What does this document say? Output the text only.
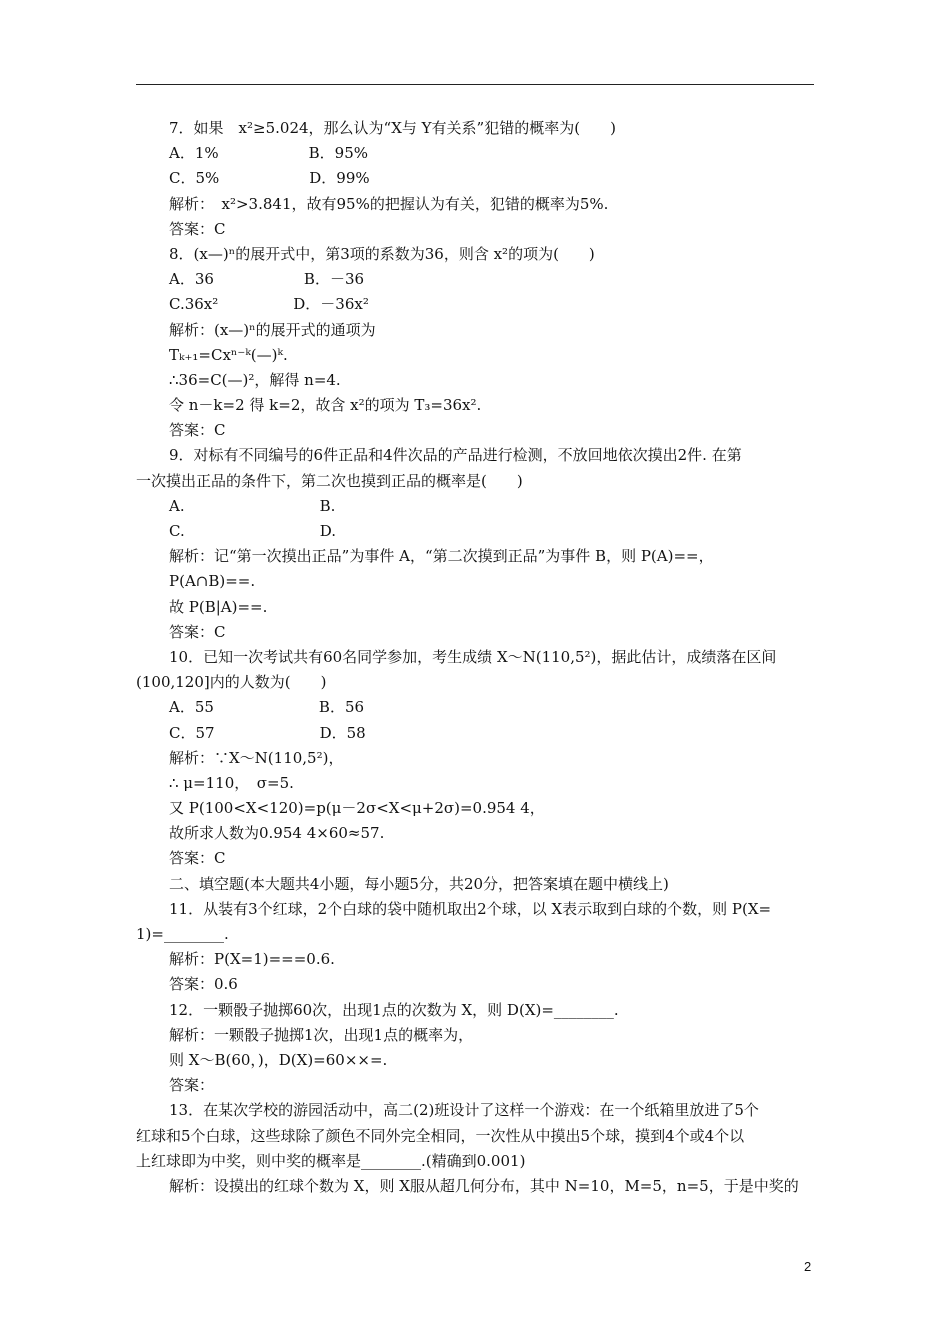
7．如果　x²≥5.024，那么认为“X与 Y有关系”犯错的概率为(　　)
A．1%　　　　　　B．95%
C．5%　　　　　　D．99%
解析：　x²>3.841，故有95%的把握认为有关，犯错的概率为5%.
答案：C
8．(x—)ⁿ的展开式中，第3项的系数为36，则含 x²的项为(　　)
A．36　　　　　　B．－36
C.36x²　　　　　D．－36x²
解析：(x—)ⁿ的展开式的通项为
Tₖ₊₁=Cxⁿ⁻ᵏ(—)ᵏ.
∴36=C(—)²，解得 n=4.
令 n－k=2 得 k=2，故含 x²的项为 T₃=36x².
答案：C
9．对标有不同编号的6件正品和4件次品的产品进行检测，不放回地依次摸出2件. 在第
一次摸出正品的条件下，第二次也摸到正品的概率是(　　)
A.　　　　　　　　　B.
C.　　　　　　　　　D.
解析：记“第一次摸出正品”为事件 A，“第二次摸到正品”为事件 B，则 P(A)==，
P(A∩B)==.
故 P(B|A)==.
答案：C
10．已知一次考试共有60名同学参加，考生成绩 X～N(110,5²)，据此估计，成绩落在区间
(100,120]内的人数为(　　)
A．55　　　　　　　B．56
C．57　　　　　　　D．58
解析：∵X～N(110,5²)，
∴ μ=110，　σ=5.
又 P(100<X<120)=p(μ－2σ<X<μ+2σ)=0.954 4，
故所求人数为0.954 4×60≈57.
答案：C
二、填空题(本大题共4小题，每小题5分，共20分，把答案填在题中横线上)
11．从装有3个红球，2个白球的袋中随机取出2个球，以 X表示取到白球的个数，则 P(X=
1)=________.
解析：P(X=1)===0.6.
答案：0.6
12．一颗骰子抛掷60次，出现1点的次数为 X，则 D(X)=________.
解析：一颗骰子抛掷1次，出现1点的概率为，
则 X～B(60，)，D(X)=60××=.
答案：
13．在某次学校的游园活动中，高二(2)班设计了这样一个游戏：在一个纸箱里放进了5个
红球和5个白球，这些球除了颜色不同外完全相同，一次性从中摸出5个球，摸到4个或4个以
上红球即为中奖，则中奖的概率是________.(精确到0.001)
解析：设摸出的红球个数为 X，则 X服从超几何分布，其中 N=10，M=5，n=5，于是中奖的
2
